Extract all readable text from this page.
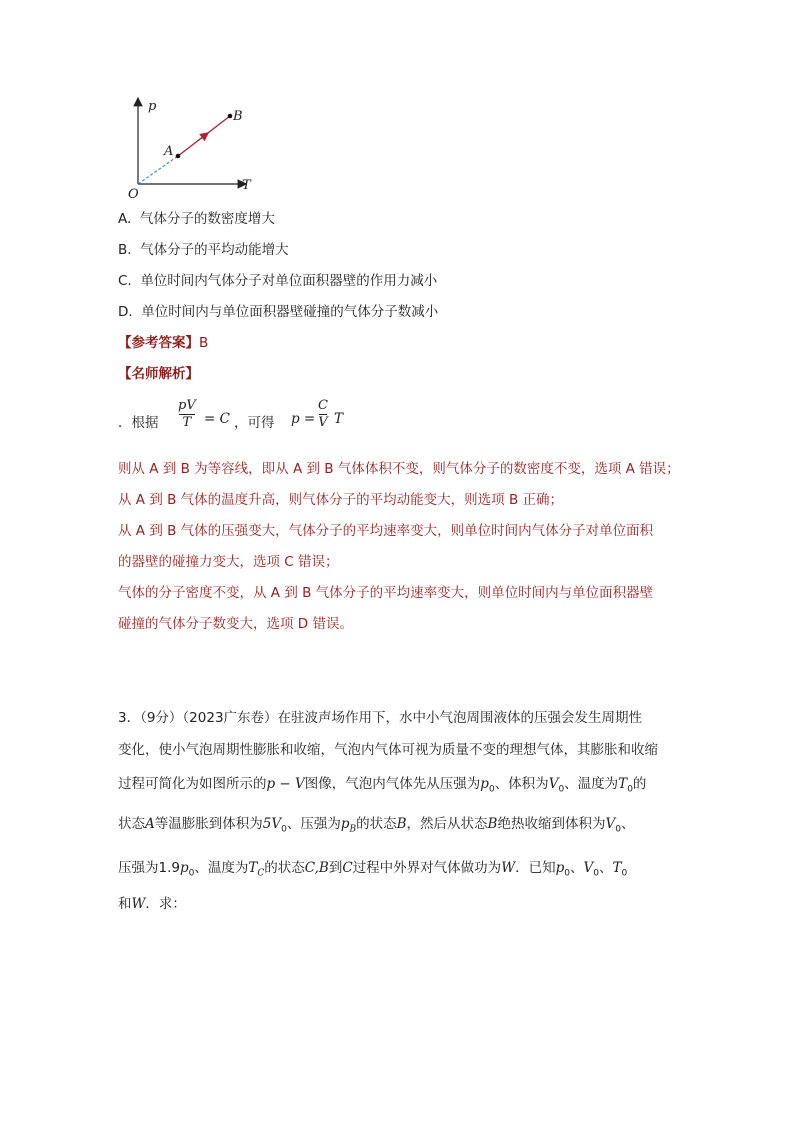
p
T
O
A
B
A. 气体分子的数密度增大
B. 气体分子的平均动能增大
C. 单位时间内气体分子对单位面积器壁的作用力减小
D. 单位时间内与单位面积器壁碰撞的气体分子数减小
【参考答案】B
【名师解析】
．根据
pV
T = C ，可得 p =
C
V T
则从 A 到 B 为等容线，即从 A 到 B 气体体积不变，则气体分子的数密度不变，选项 A 错误；
从 A 到 B 气体的温度升高，则气体分子的平均动能变大，则选项 B 正确；
从 A 到 B 气体的压强变大，气体分子的平均速率变大，则单位时间内气体分子对单位面积
的器壁的碰撞力变大，选项 C 错误；
气体的分子密度不变，从 A 到 B 气体分子的平均速率变大，则单位时间内与单位面积器壁
碰撞的气体分子数变大，选项 D 错误。
3．（9分）（2023广东卷）在驻波声场作用下，水中小气泡周围液体的压强会发生周期性
变化，使小气泡周期性膨胀和收缩，气泡内气体可视为质量不变的理想气体，其膨胀和收缩
过程可简化为如图所示的p − V图像，气泡内气体先从压强为$p_0$、体积为$V_0$、温度为$T_0$的
状态A等温膨胀到体积为$5V_0$、压强为$p_B$的状态B，然后从状态B绝热收缩到体积为$V_0$、
压强为$1.9p_0$、温度为$T_C$的状态C,B到C过程中外界对气体做功为W．已知$p_0$、$V_0$、$T_0$
和W．求：
